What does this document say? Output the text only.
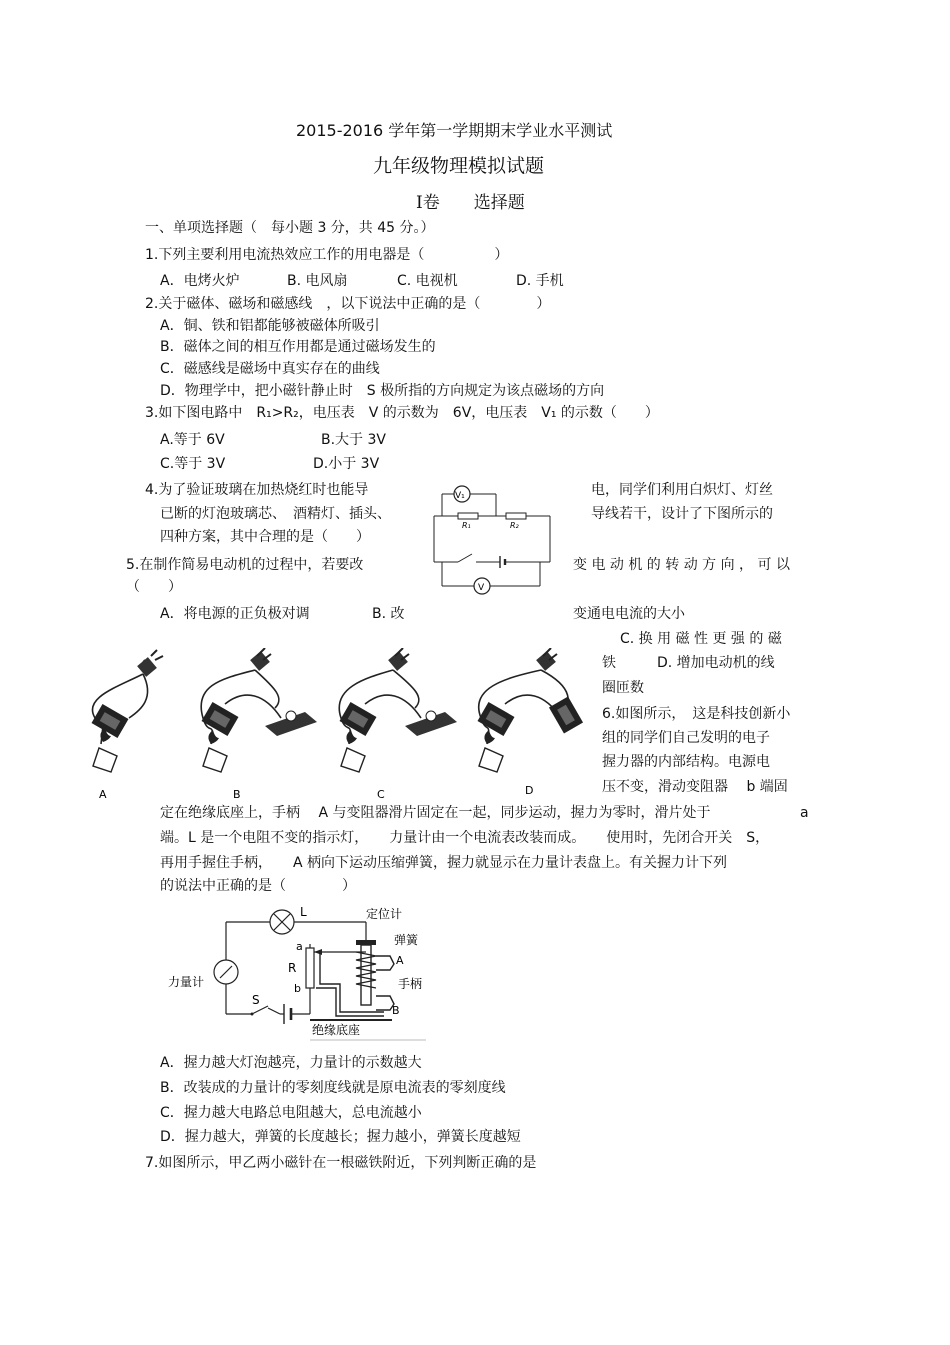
2015-2016 学年第一学期期末学业水平测试
九年级物理模拟试题
Ⅰ卷　　选择题
一、单项选择题（　每小题 3 分，共 45 分。）
1.下列主要利用电流热效应工作的用电器是（　　　　　）
A．电烤火炉	B. 电风扇	C. 电视机	D. 手机
2.关于磁体、磁场和磁感线　，以下说法中正确的是（　　　　）
A．铜、铁和铝都能够被磁体所吸引
B．磁体之间的相互作用都是通过磁场发生的
C．磁感线是磁场中真实存在的曲线
D．物理学中，把小磁针静止时　S 极所指的方向规定为该点磁场的方向
3.如下图电路中　R₁>R₂，电压表　V 的示数为　6V，电压表　V₁ 的示数（　　）
A.等于 6V	B.大于 3V
C.等于 3V	D.小于 3V
V₁
R₁	R₂
V
4.为了验证玻璃在加热烧红时也能导	电，同学们利用白炽灯、灯丝
已断的灯泡玻璃芯、　酒精灯、插头、	导线若干，设计了下图所示的
四种方案，其中合理的是（　　）
5.在制作简易电动机的过程中，若要改	变 电 动 机 的 转 动 方 向 ， 可 以
（　　）
A．将电源的正负极对调	B. 改	变通电电流的大小
C. 换 用 磁 性 更 强 的 磁
铁	D. 增加电动机的线
圈匝数
A	B	C	D
6.如图所示，　这是科技创新小
组的同学们自己发明的电子
握力器的内部结构。电源电
压不变，滑动变阻器　 b 端固
定在绝缘底座上，手柄　 A 与变阻器滑片固定在一起，同步运动，握力为零时，滑片处于	a
端。L 是一个电阻不变的指示灯，　　力量计由一个电流表改装而成。　　使用时，先闭合开关　S，
再用手握住手柄，　　A 柄向下运动压缩弹簧，握力就显示在力量计表盘上。有关握力计下列
的说法中正确的是（　　　　）
L
力量计
S
a
R
b
定位计
弹簧
A
手柄
B
绝缘底座
A．握力越大灯泡越亮，力量计的示数越大
B．改装成的力量计的零刻度线就是原电流表的零刻度线
C．握力越大电路总电阻越大，总电流越小
D．握力越大，弹簧的长度越长；握力越小，弹簧长度越短
7.如图所示，甲乙两小磁针在一根磁铁附近，下列判断正确的是
